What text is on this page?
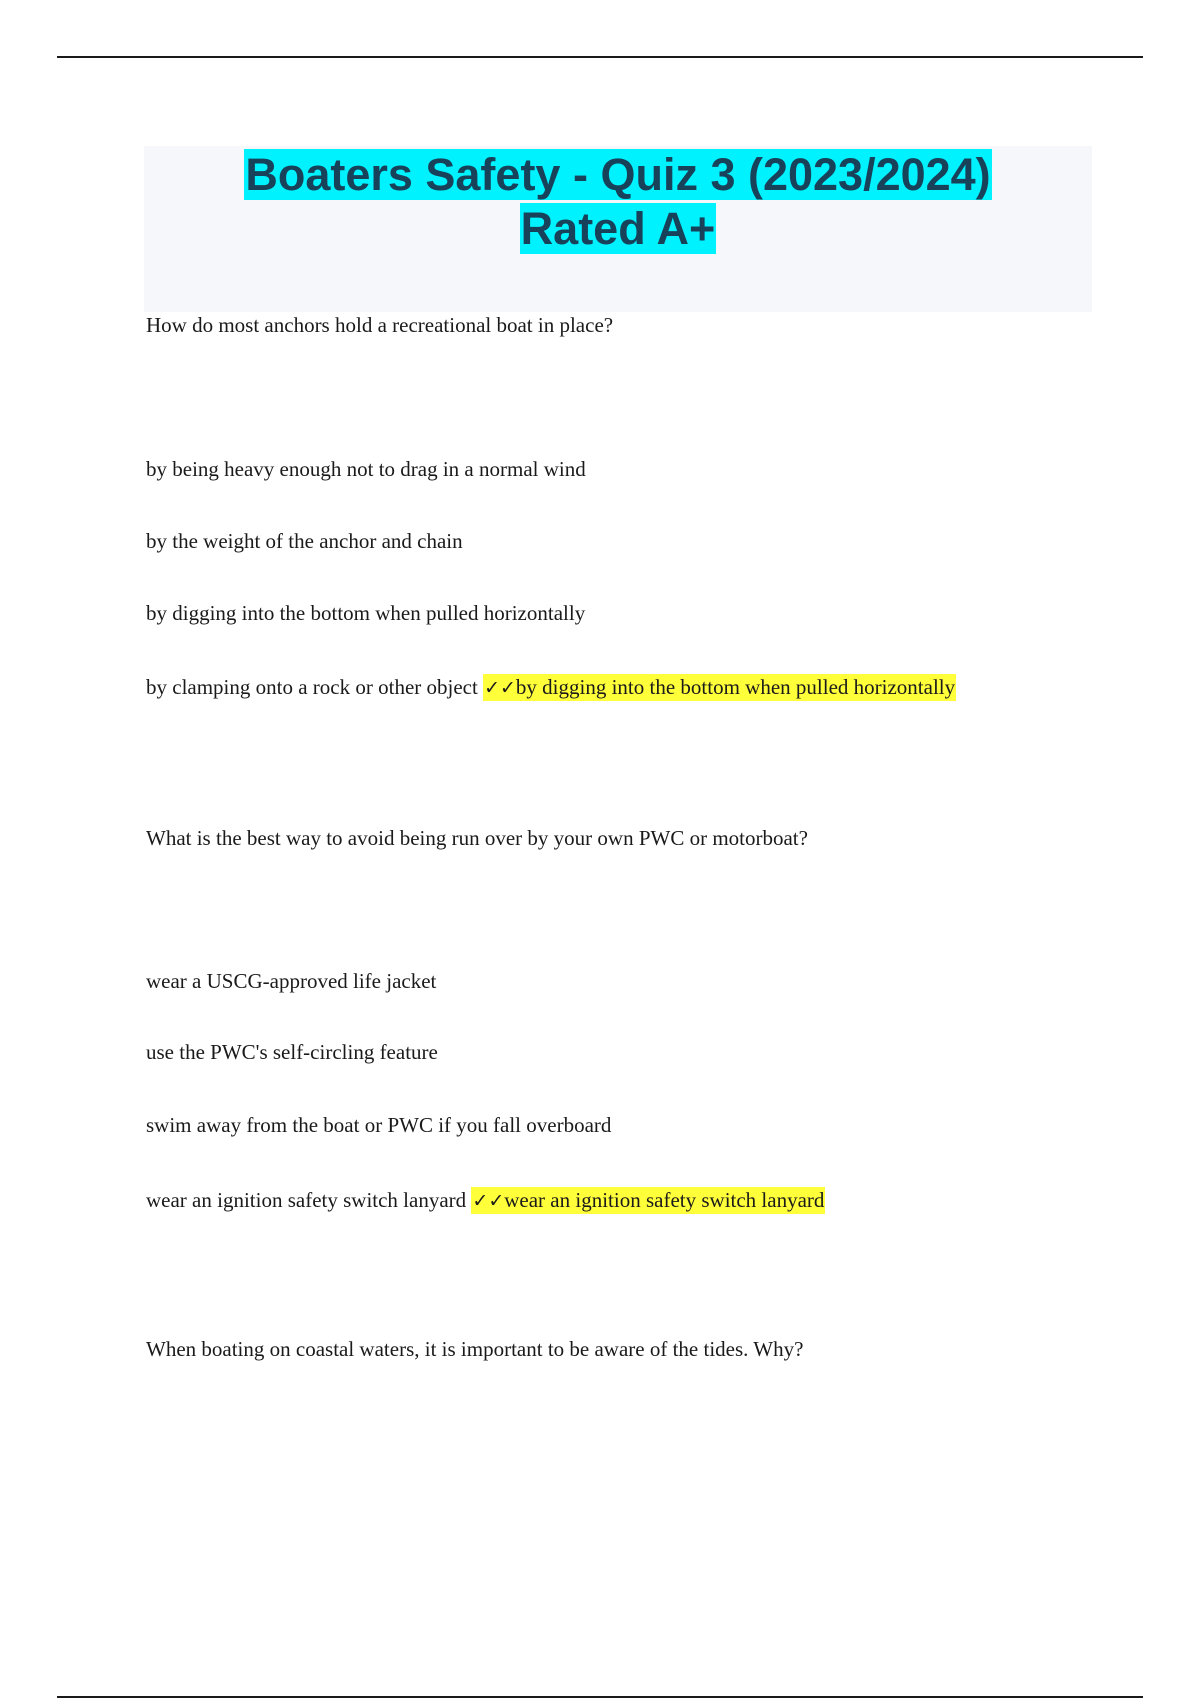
Boaters Safety - Quiz 3 (2023/2024)
Rated A+

How do most anchors hold a recreational boat in place?

by being heavy enough not to drag in a normal wind

by the weight of the anchor and chain

by digging into the bottom when pulled horizontally

by clamping onto a rock or other object ✓✓by digging into the bottom when pulled horizontally

What is the best way to avoid being run over by your own PWC or motorboat?

wear a USCG-approved life jacket

use the PWC's self-circling feature

swim away from the boat or PWC if you fall overboard

wear an ignition safety switch lanyard ✓✓wear an ignition safety switch lanyard

When boating on coastal waters, it is important to be aware of the tides. Why?
